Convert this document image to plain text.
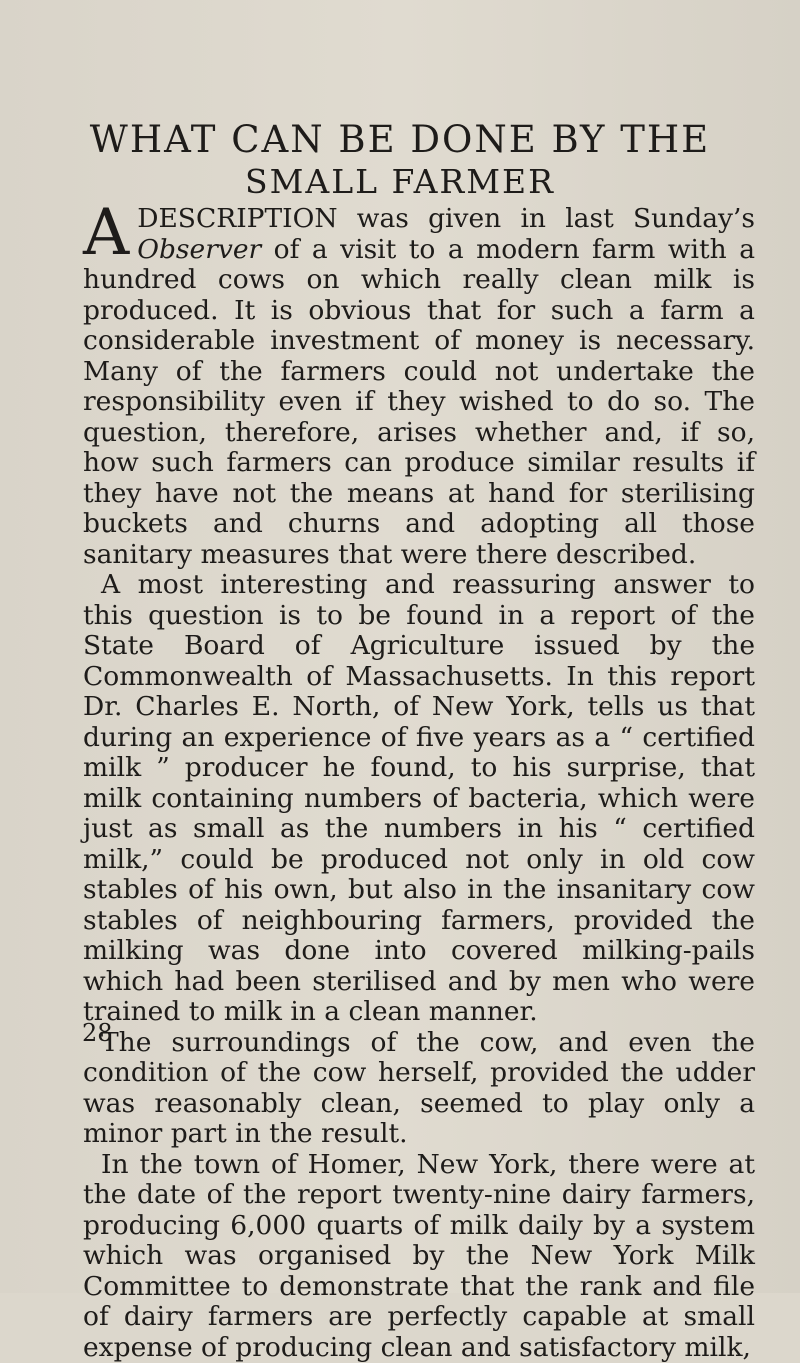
WHAT CAN BE DONE BY THE
SMALL FARMER

ADESCRIPTION was given in last Sunday’s Observer of a visit to a modern farm with a hundred cows on which really clean milk is produced. It is obvious that for such a farm a considerable investment of money is necessary. Many of the farmers could not undertake the responsibility even if they wished to do so. The question, therefore, arises whether and, if so, how such farmers can produce similar results if they have not the means at hand for sterilising buckets and churns and adopting all those sanitary measures that were there described.

A most interesting and reassuring answer to this question is to be found in a report of the State Board of Agriculture issued by the Commonwealth of Massachusetts. In this report Dr. Charles E. North, of New York, tells us that during an experience of five years as a “ certified milk ” producer he found, to his surprise, that milk containing numbers of bacteria, which were just as small as the numbers in his “ certified milk,” could be produced not only in old cow stables of his own, but also in the insanitary cow stables of neighbouring farmers, provided the milking was done into covered milking-pails which had been sterilised and by men who were trained to milk in a clean manner.

The surroundings of the cow, and even the condition of the cow herself, provided the udder was reasonably clean, seemed to play only a minor part in the result.

In the town of Homer, New York, there were at the date of the report twenty-nine dairy farmers, producing 6,000 quarts of milk daily by a system which was organised by the New York Milk Committee to demonstrate that the rank and file of dairy farmers are perfectly capable at small expense of producing clean and satisfactory milk,

28
